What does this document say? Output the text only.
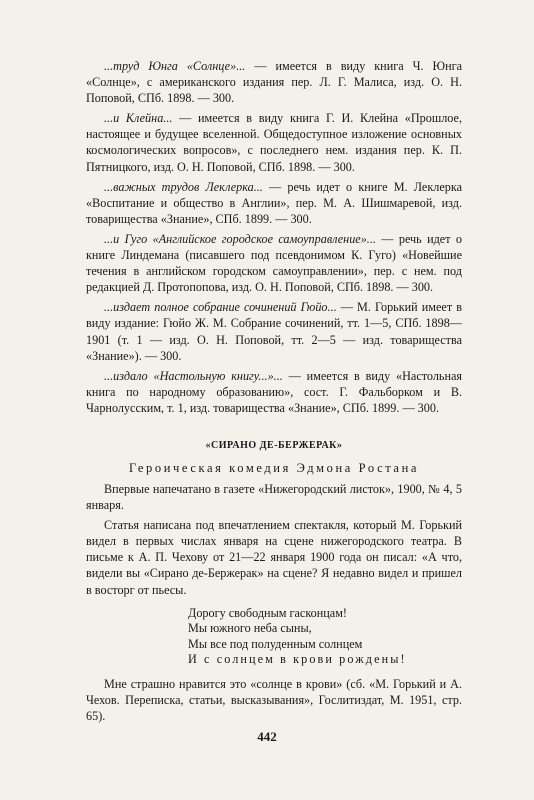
...труд Юнга «Солнце»... — имеется в виду книга Ч. Юнга «Солнце», с американского издания пер. Л. Г. Малиса, изд. О. Н. Поповой, СПб. 1898. — 300.

...и Клейна... — имеется в виду книга Г. И. Клейна «Прошлое, настоящее и будущее вселенной. Общедоступное изложение основных космологических вопросов», с последнего нем. издания пер. К. П. Пятницкого, изд. О. Н. Поповой, СПб. 1898. — 300.

...важных трудов Леклерка... — речь идет о книге М. Леклерка «Воспитание и общество в Англии», пер. М. А. Шишмаревой, изд. товарищества «Знание», СПб. 1899. — 300.

...и Гуго «Английское городское самоуправление»... — речь идет о книге Линдемана (писавшего под псевдонимом К. Гуго) «Новейшие течения в английском городском самоуправлении», пер. с нем. под редакцией Д. Протопопова, изд. О. Н. Поповой, СПб. 1898. — 300.

...издает полное собрание сочинений Гюйо... — М. Горький имеет в виду издание: Гюйо Ж. М. Собрание сочинений, тт. 1—5, СПб. 1898—1901 (т. 1 — изд. О. Н. Поповой, тт. 2—5 — изд. товарищества «Знание»). — 300.

...издало «Настольную книгу...»... — имеется в виду «Настольная книга по народному образованию», сост. Г. Фальборком и В. Чарнолусским, т. 1, изд. товарищества «Знание», СПб. 1899. — 300.

«СИРАНО ДЕ-БЕРЖЕРАК»
Героическая комедия Эдмона Ростана

Впервые напечатано в газете «Нижегородский листок», 1900, № 4, 5 января.

Статья написана под впечатлением спектакля, который М. Горький видел в первых числах января на сцене нижегородского театра. В письме к А. П. Чехову от 21—22 января 1900 года он писал: «А что, видели вы «Сирано де-Бержерак» на сцене? Я недавно видел и пришел в восторг от пьесы.

Дорогу свободным гасконцам!
Мы южного неба сыны,
Мы все под полуденным солнцем
И с солнцем в крови рождены!

Мне страшно нравится это «солнце в крови» (сб. «М. Горький и А. Чехов. Переписка, статьи, высказывания», Гослитиздат, М. 1951, стр. 65).

442
